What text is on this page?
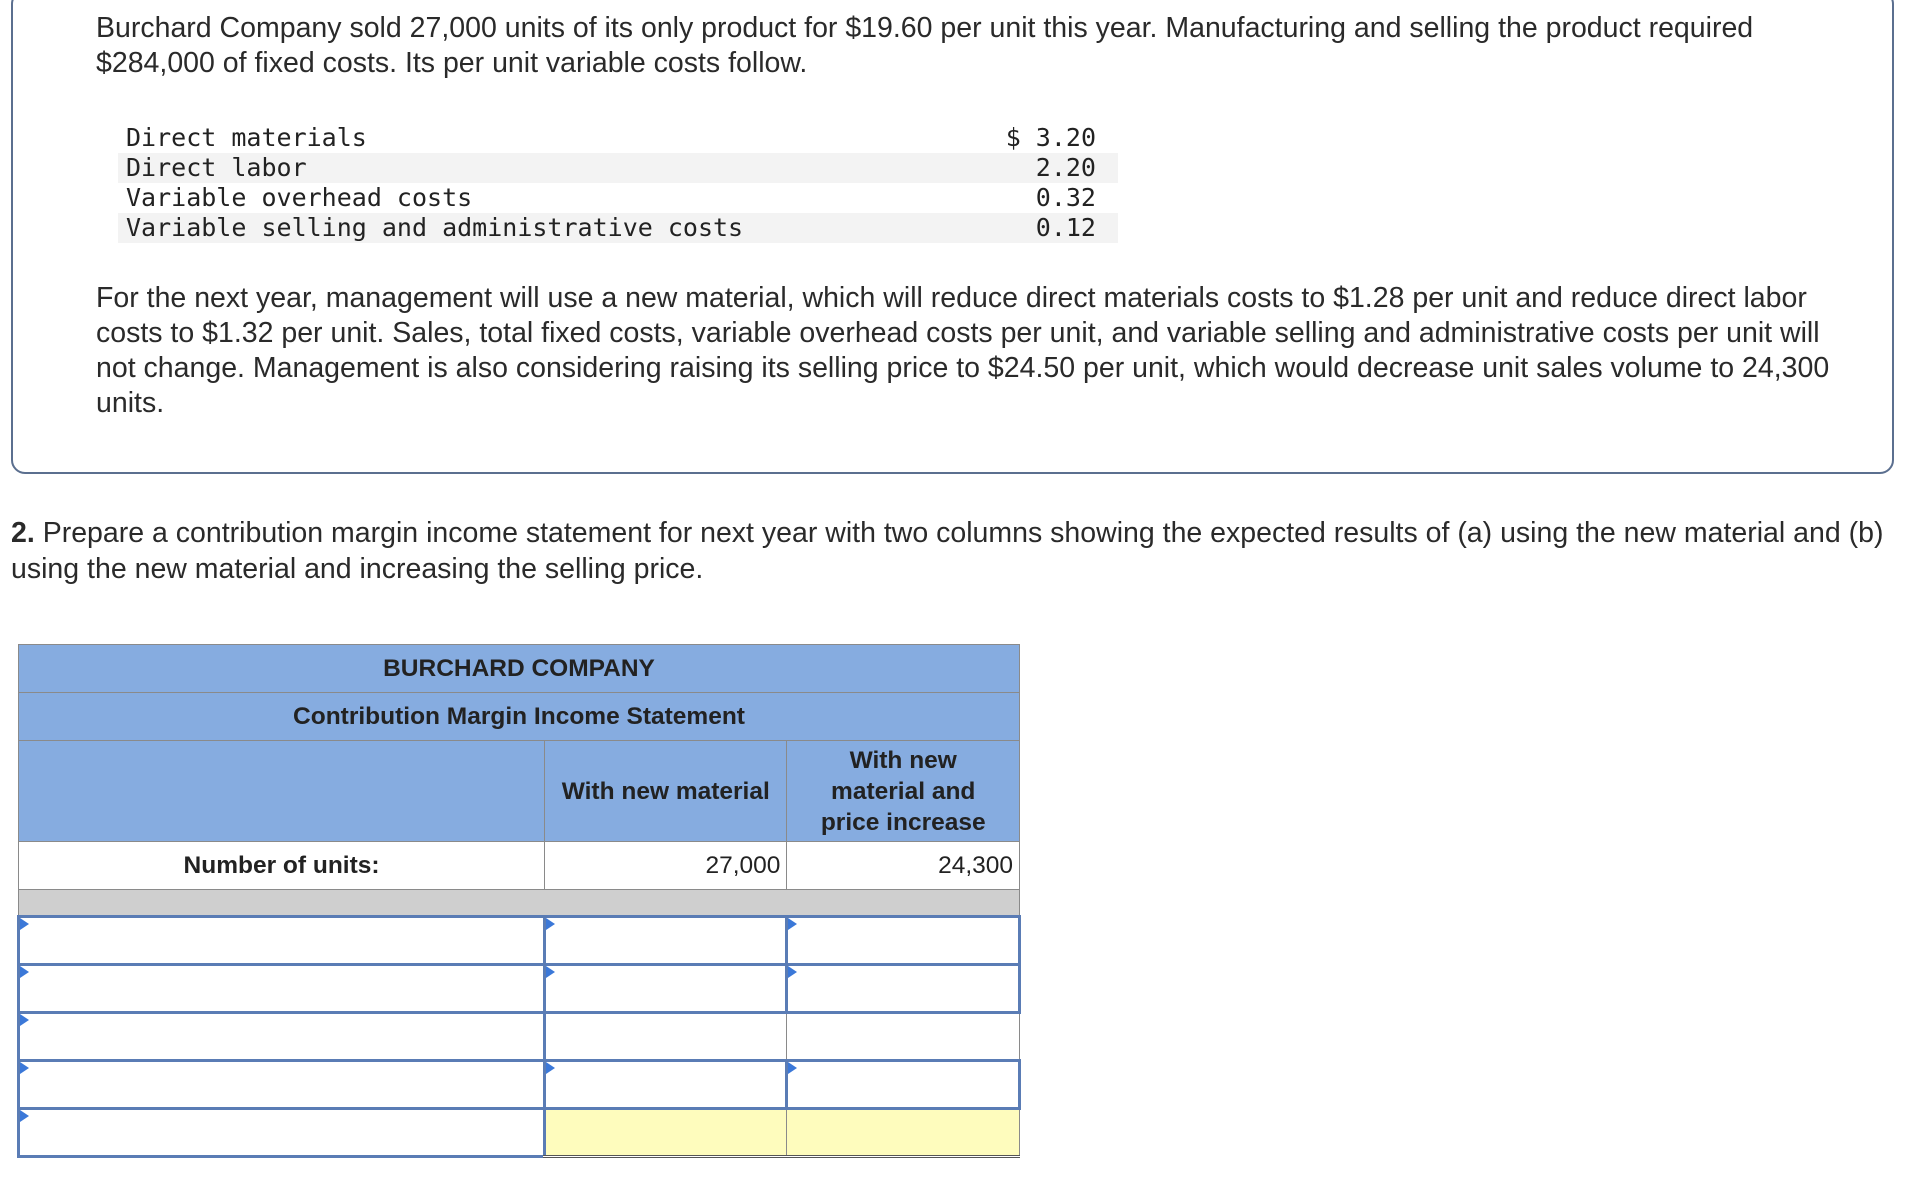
Burchard Company sold 27,000 units of its only product for $19.60 per unit this year. Manufacturing and selling the product required $284,000 of fixed costs. Its per unit variable costs follow.
Direct materials	$ 3.20
Direct labor	2.20
Variable overhead costs	0.32
Variable selling and administrative costs	0.12
For the next year, management will use a new material, which will reduce direct materials costs to $1.28 per unit and reduce direct labor costs to $1.32 per unit. Sales, total fixed costs, variable overhead costs per unit, and variable selling and administrative costs per unit will not change. Management is also considering raising its selling price to $24.50 per unit, which would decrease unit sales volume to 24,300 units.
2. Prepare a contribution margin income statement for next year with two columns showing the expected results of (a) using the new material and (b) using the new material and increasing the selling price.
BURCHARD COMPANY		
Contribution Margin Income Statement		
	With new material	With new material and price increase
Number of units:	27,000	24,300
